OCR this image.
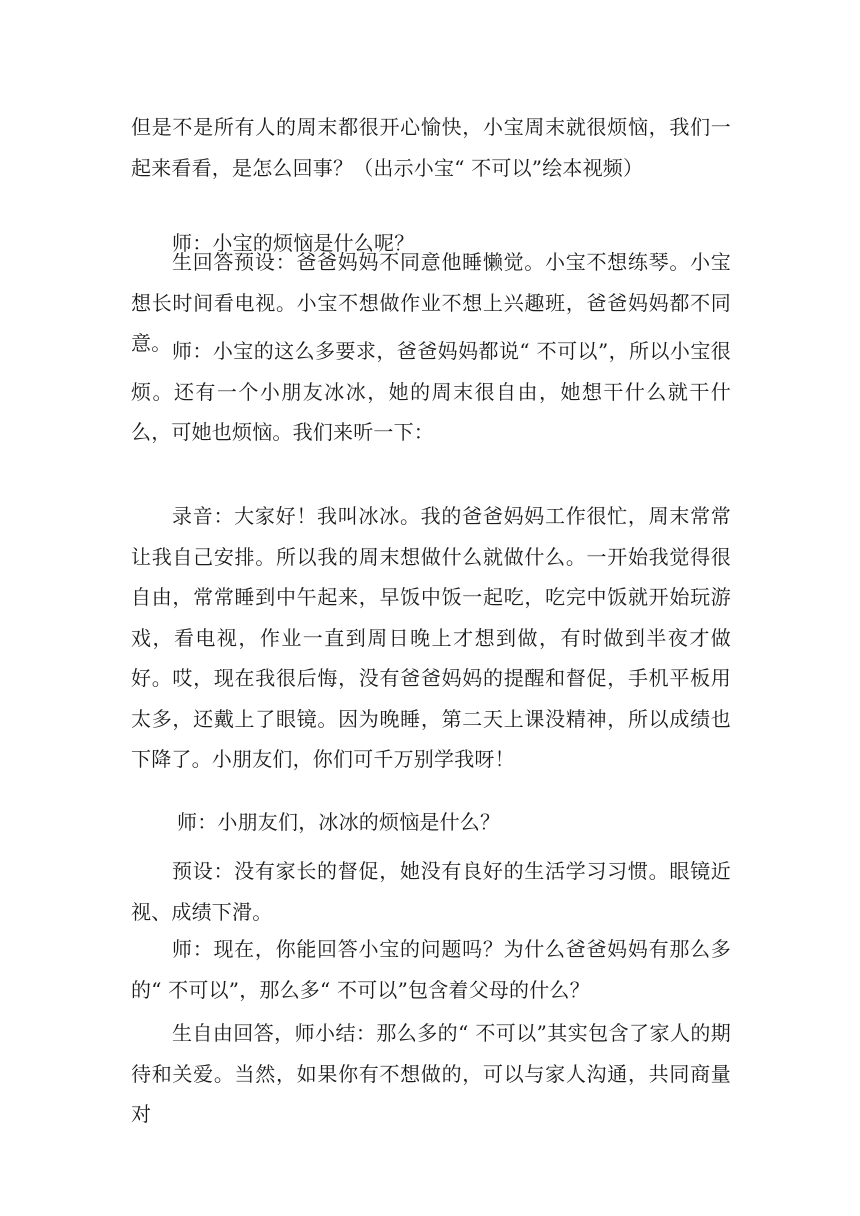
但是不是所有人的周末都很开心愉快，小宝周末就很烦恼，我们一起来看看，是怎么回事？（出示小宝“ 不可以”绘本视频）

师：小宝的烦恼是什么呢？

生回答预设：爸爸妈妈不同意他睡懒觉。小宝不想练琴。小宝想长时间看电视。小宝不想做作业不想上兴趣班，爸爸妈妈都不同意。 师：小宝的这么多要求，爸爸妈妈都说“ 不可以”，所以小宝很烦。还有一个小朋友冰冰，她的周末很自由，她想干什么就干什么，可她也烦恼。我们来听一下：

录音：大家好！我叫冰冰。我的爸爸妈妈工作很忙，周末常常让我自己安排。所以我的周末想做什么就做什么。一开始我觉得很自由，常常睡到中午起来，早饭中饭一起吃，吃完中饭就开始玩游戏，看电视，作业一直到周日晚上才想到做，有时做到半夜才做好。哎，现在我很后悔，没有爸爸妈妈的提醒和督促，手机平板用太多，还戴上了眼镜。因为晚睡，第二天上课没精神，所以成绩也下降了。小朋友们，你们可千万别学我呀！

师：小朋友们，冰冰的烦恼是什么？

预设：没有家长的督促，她没有良好的生活学习习惯。眼镜近视、成绩下滑。

师：现在，你能回答小宝的问题吗？为什么爸爸妈妈有那么多的“ 不可以”，那么多“ 不可以”包含着父母的什么？

生自由回答，师小结：那么多的“ 不可以”其实包含了家人的期待和关爱。当然，如果你有不想做的，可以与家人沟通，共同商量对
